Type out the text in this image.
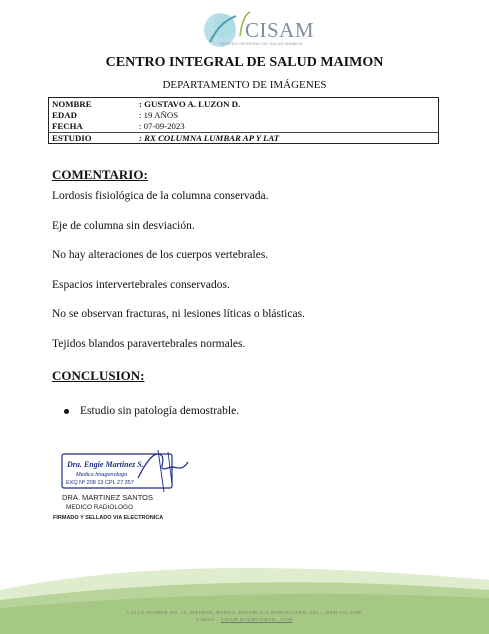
CISAM
CENTRO INTEGRAL DE SALUD MAIMON
CENTRO INTEGRAL DE SALUD MAIMON
DEPARTAMENTO DE IMÁGENES
NOMBRE	: GUSTAVO A. LUZON D.
EDAD	: 19 AÑOS
FECHA	: 07-09-2023
ESTUDIO	: RX COLUMNA LUMBAR AP Y LAT
COMENTARIO:
Lordosis fisiológica de la columna conservada.
Eje de columna sin desviación.
No hay alteraciones de los cuerpos vertebrales.
Espacios intervertebrales conservados.
No se observan fracturas, ni lesiones líticas o blásticas.
Tejidos blandos paravertebrales normales.
CONCLUSION:
Estudio sin patología demostrable.
Dra. Engie Martinez S.
Medico Imagenologo
EXQ Nº 208 13 CPL 27 357
DRA. MARTINEZ SANTOS
MEDICO RADIOLOGO
FIRMADO Y SELLADO VIA ELECTRONICA
CALLE DUARTE NO. 15, MAIMÓN, BONAO, REPUBLICA DOMINICANA, TEL.: (809)-551-2196
E-MAIL : CISAM.DO@HOTMAIL .COM
